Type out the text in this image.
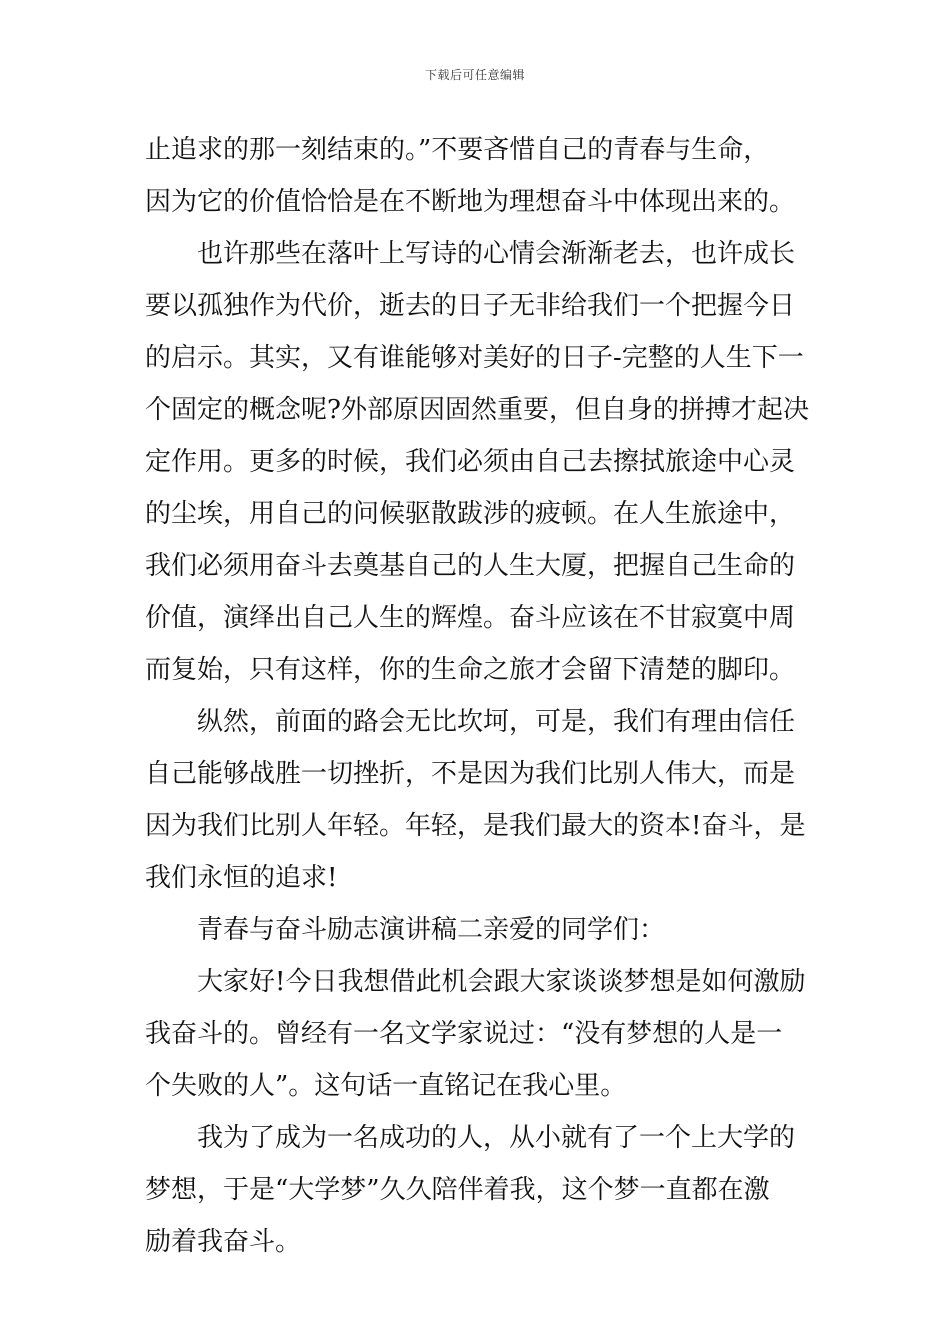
下载后可任意编辑
止追求的那一刻结束的。”不要吝惜自己的青春与生命，
因为它的价值恰恰是在不断地为理想奋斗中体现出来的。
也许那些在落叶上写诗的心情会渐渐老去，也许成长
要以孤独作为代价，逝去的日子无非给我们一个把握今日
的启示。其实，又有谁能够对美好的日子-完整的人生下一
个固定的概念呢?外部原因固然重要，但自身的拼搏才起决
定作用。更多的时候，我们必须由自己去擦拭旅途中心灵
的尘埃，用自己的问候驱散跋涉的疲顿。在人生旅途中，
我们必须用奋斗去奠基自己的人生大厦，把握自己生命的
价值，演绎出自己人生的辉煌。奋斗应该在不甘寂寞中周
而复始，只有这样，你的生命之旅才会留下清楚的脚印。
纵然，前面的路会无比坎坷，可是，我们有理由信任
自己能够战胜一切挫折，不是因为我们比别人伟大，而是
因为我们比别人年轻。年轻，是我们最大的资本!奋斗，是
我们永恒的追求!
青春与奋斗励志演讲稿二亲爱的同学们：
大家好!今日我想借此机会跟大家谈谈梦想是如何激励
我奋斗的。曾经有一名文学家说过：“没有梦想的人是一
个失败的人”。这句话一直铭记在我心里。
我为了成为一名成功的人，从小就有了一个上大学的
梦想，于是“大学梦”久久陪伴着我，这个梦一直都在激
励着我奋斗。
